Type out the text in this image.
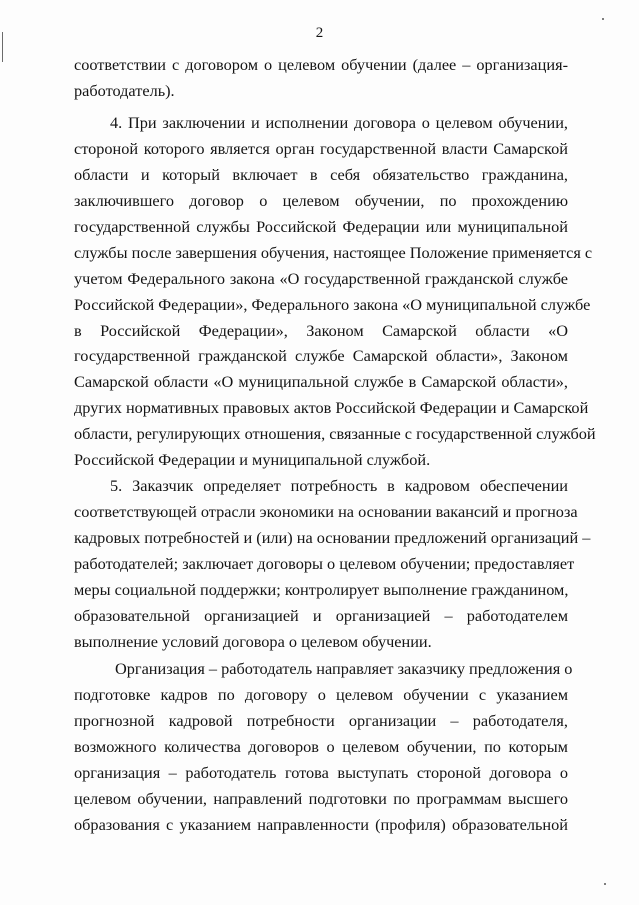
2
соответствии с договором о целевом обучении (далее – организация-
работодатель).
4. При заключении и исполнении договора о целевом обучении,
стороной которого является орган государственной власти Самарской
области и который включает в себя обязательство гражданина,
заключившего договор о целевом обучении, по прохождению
государственной службы Российской Федерации или муниципальной
службы после завершения обучения, настоящее Положение применяется с
учетом Федерального закона «О государственной гражданской службе
Российской Федерации», Федерального закона «О муниципальной службе
в Российской Федерации», Законом Самарской области «О
государственной гражданской службе Самарской области», Законом
Самарской области «О муниципальной службе в Самарской области»,
других нормативных правовых актов Российской Федерации и Самарской
области, регулирующих отношения, связанные с государственной службой
Российской Федерации и муниципальной службой.
5. Заказчик определяет потребность в кадровом обеспечении
соответствующей отрасли экономики на основании вакансий и прогноза
кадровых потребностей и (или) на основании предложений организаций –
работодателей; заключает договоры о целевом обучении; предоставляет
меры социальной поддержки; контролирует выполнение гражданином,
образовательной организацией и организацией – работодателем
выполнение условий договора о целевом обучении.
Организация – работодатель направляет заказчику предложения о
подготовке кадров по договору о целевом обучении с указанием
прогнозной кадровой потребности организации – работодателя,
возможного количества договоров о целевом обучении, по которым
организация – работодатель готова выступать стороной договора о
целевом обучении, направлений подготовки по программам высшего
образования с указанием направленности (профиля) образовательной
